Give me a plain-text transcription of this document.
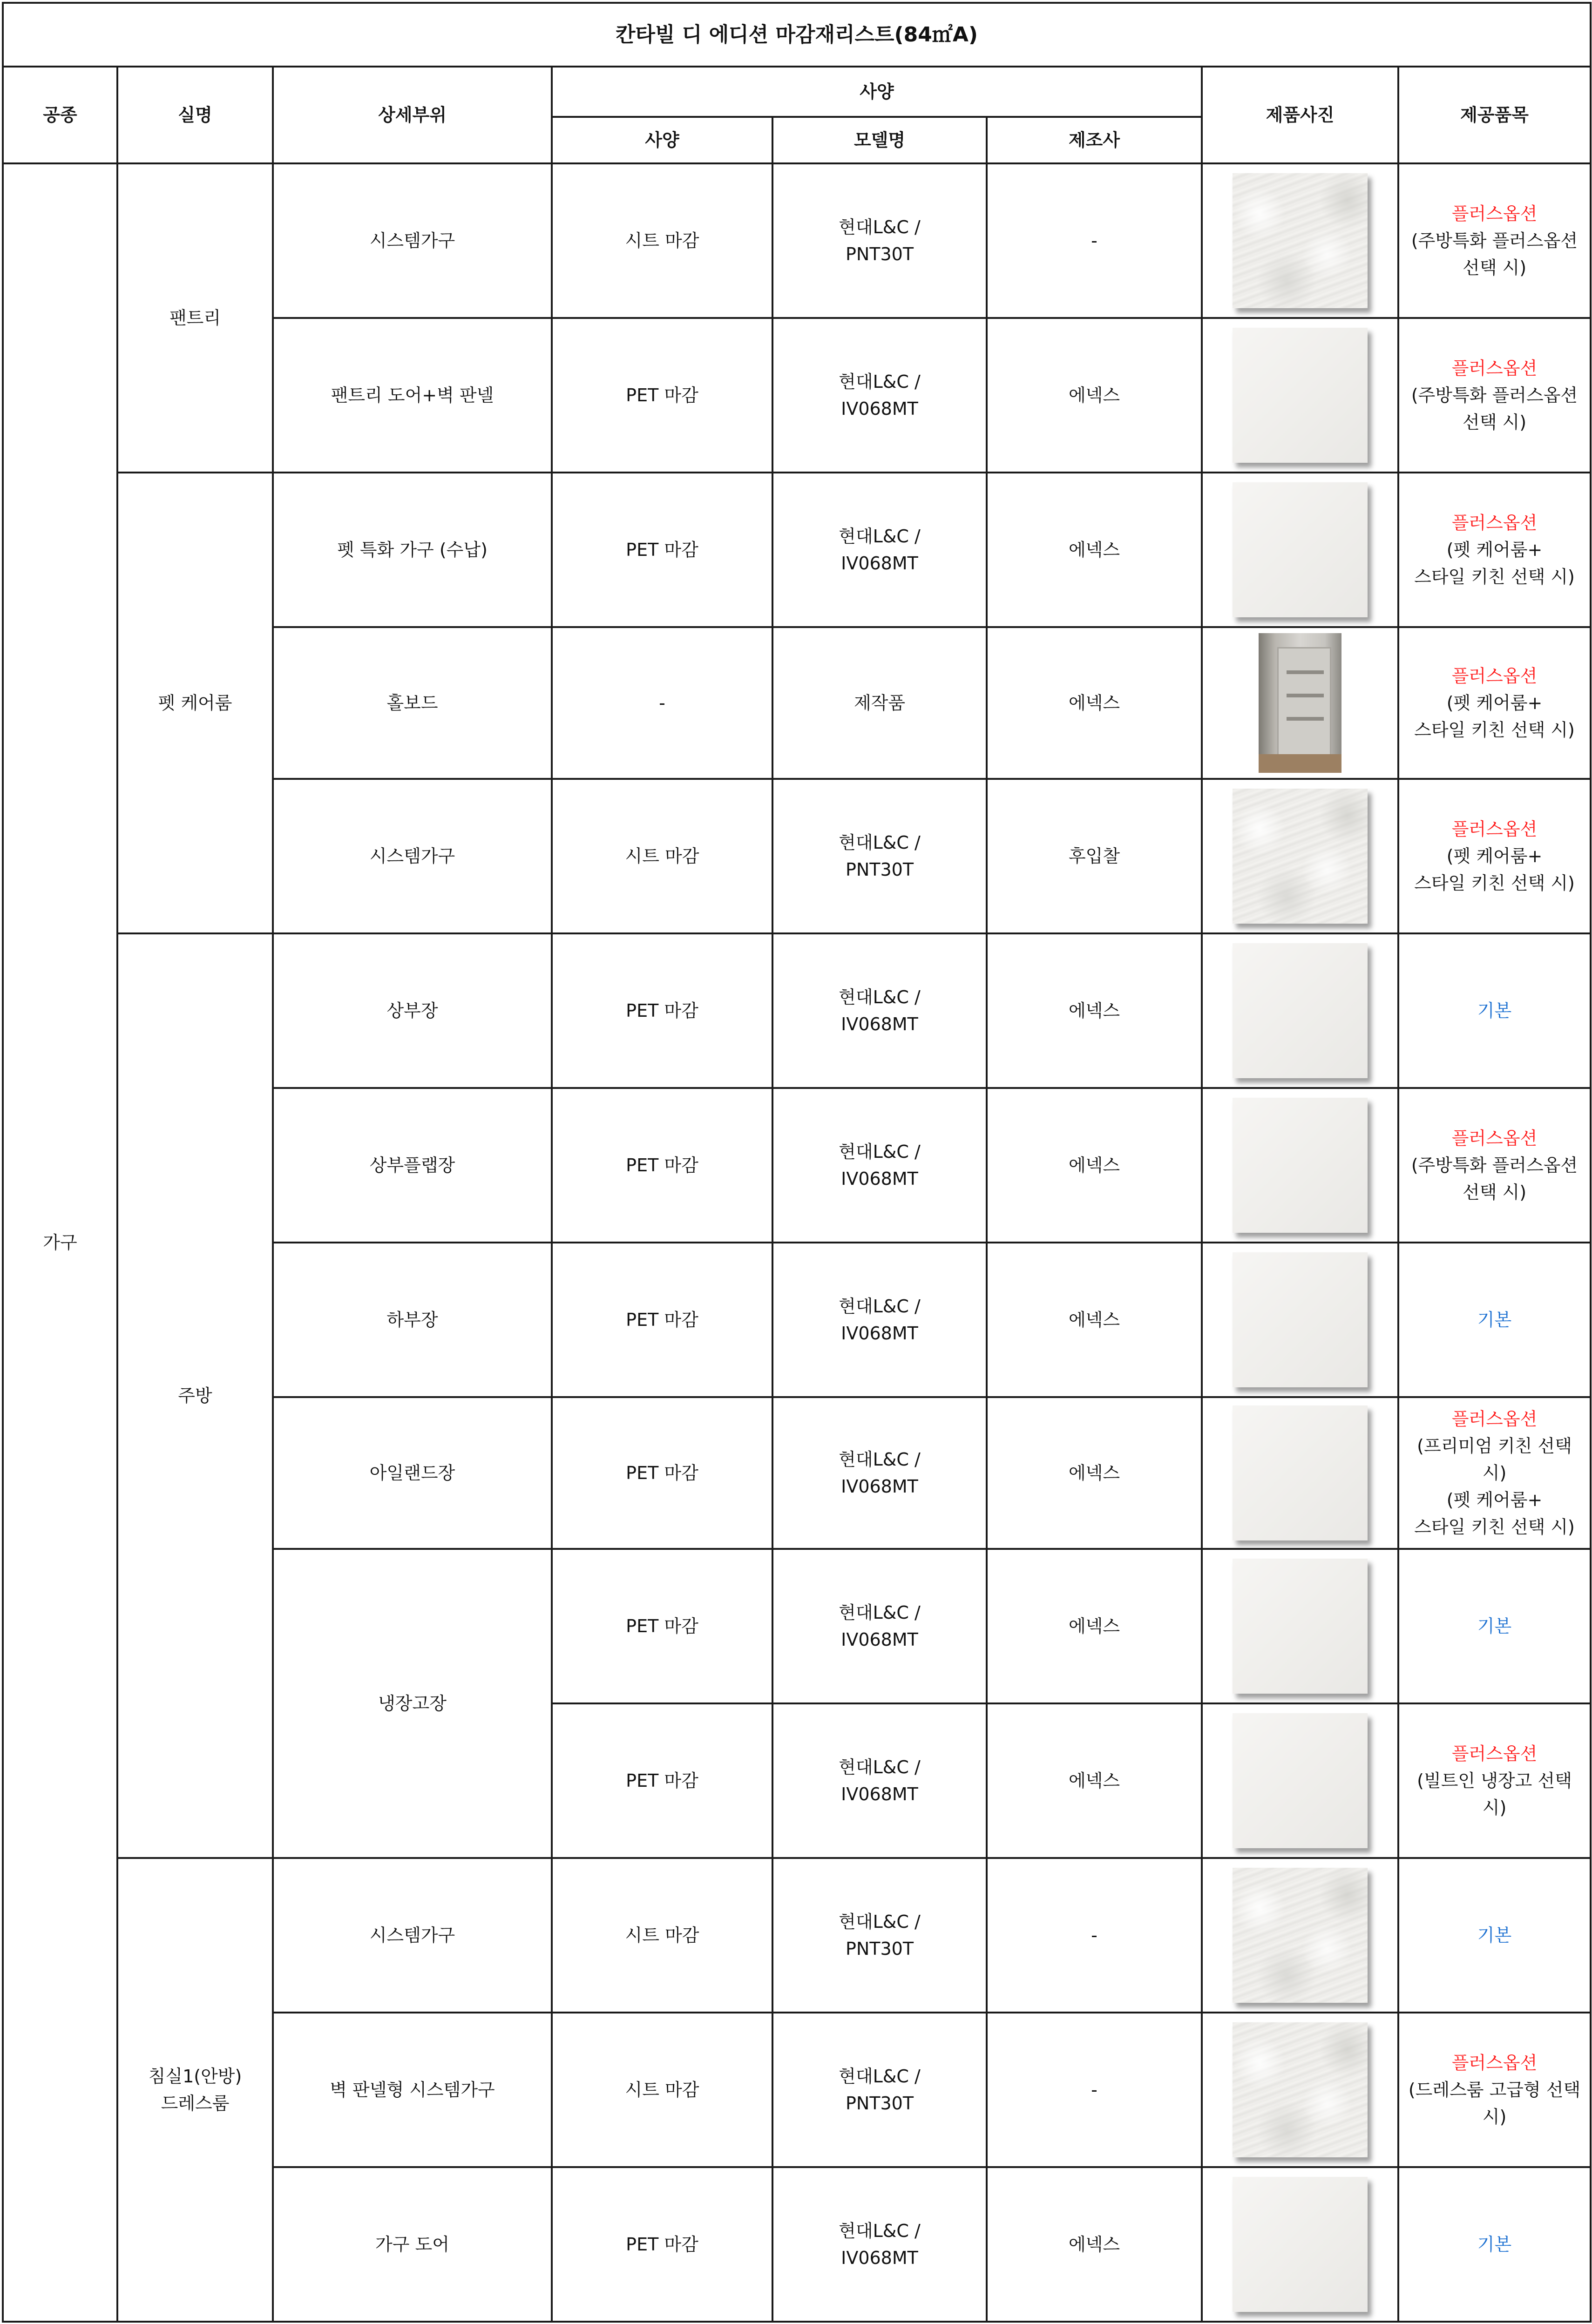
칸타빌 디 에디션 마감재리스트(84㎡A)							
공종	실명	상세부위	사양			제품사진	제공품목
			사양	모델명	제조사		
가구	팬트리	시스템가구	시트 마감	현대L&C /
PNT30T	-		플러스옵션
(주방특화 플러스옵션
선택 시)

		팬트리 도어+벽 판넬	PET 마감	현대L&C /
IV068MT	에넥스		플러스옵션
(주방특화 플러스옵션
선택 시)

	펫 케어룸	펫 특화 가구 (수납)	PET 마감	현대L&C /
IV068MT	에넥스		플러스옵션
(펫 케어룸+
스타일 키친 선택 시)

		홀보드	-	제작품	에넥스		플러스옵션
(펫 케어룸+
스타일 키친 선택 시)

		시스템가구	시트 마감	현대L&C /
PNT30T	후입찰		플러스옵션
(펫 케어룸+
스타일 키친 선택 시)

	주방	상부장	PET 마감	현대L&C /
IV068MT	에넥스		기본

		상부플랩장	PET 마감	현대L&C /
IV068MT	에넥스		플러스옵션
(주방특화 플러스옵션
선택 시)

		하부장	PET 마감	현대L&C /
IV068MT	에넥스		기본

		아일랜드장	PET 마감	현대L&C /
IV068MT	에넥스		플러스옵션
(프리미엄 키친 선택
시)
(펫 케어룸+
스타일 키친 선택 시)

		냉장고장	PET 마감	현대L&C /
IV068MT	에넥스		기본

			PET 마감	현대L&C /
IV068MT	에넥스		플러스옵션
(빌트인 냉장고 선택
시)

	침실1(안방)
드레스룸	시스템가구	시트 마감	현대L&C /
PNT30T	-		기본

		벽 판넬형 시스템가구	시트 마감	현대L&C /
PNT30T	-		플러스옵션
(드레스룸 고급형 선택
시)

		가구 도어	PET 마감	현대L&C /
IV068MT	에넥스		기본
